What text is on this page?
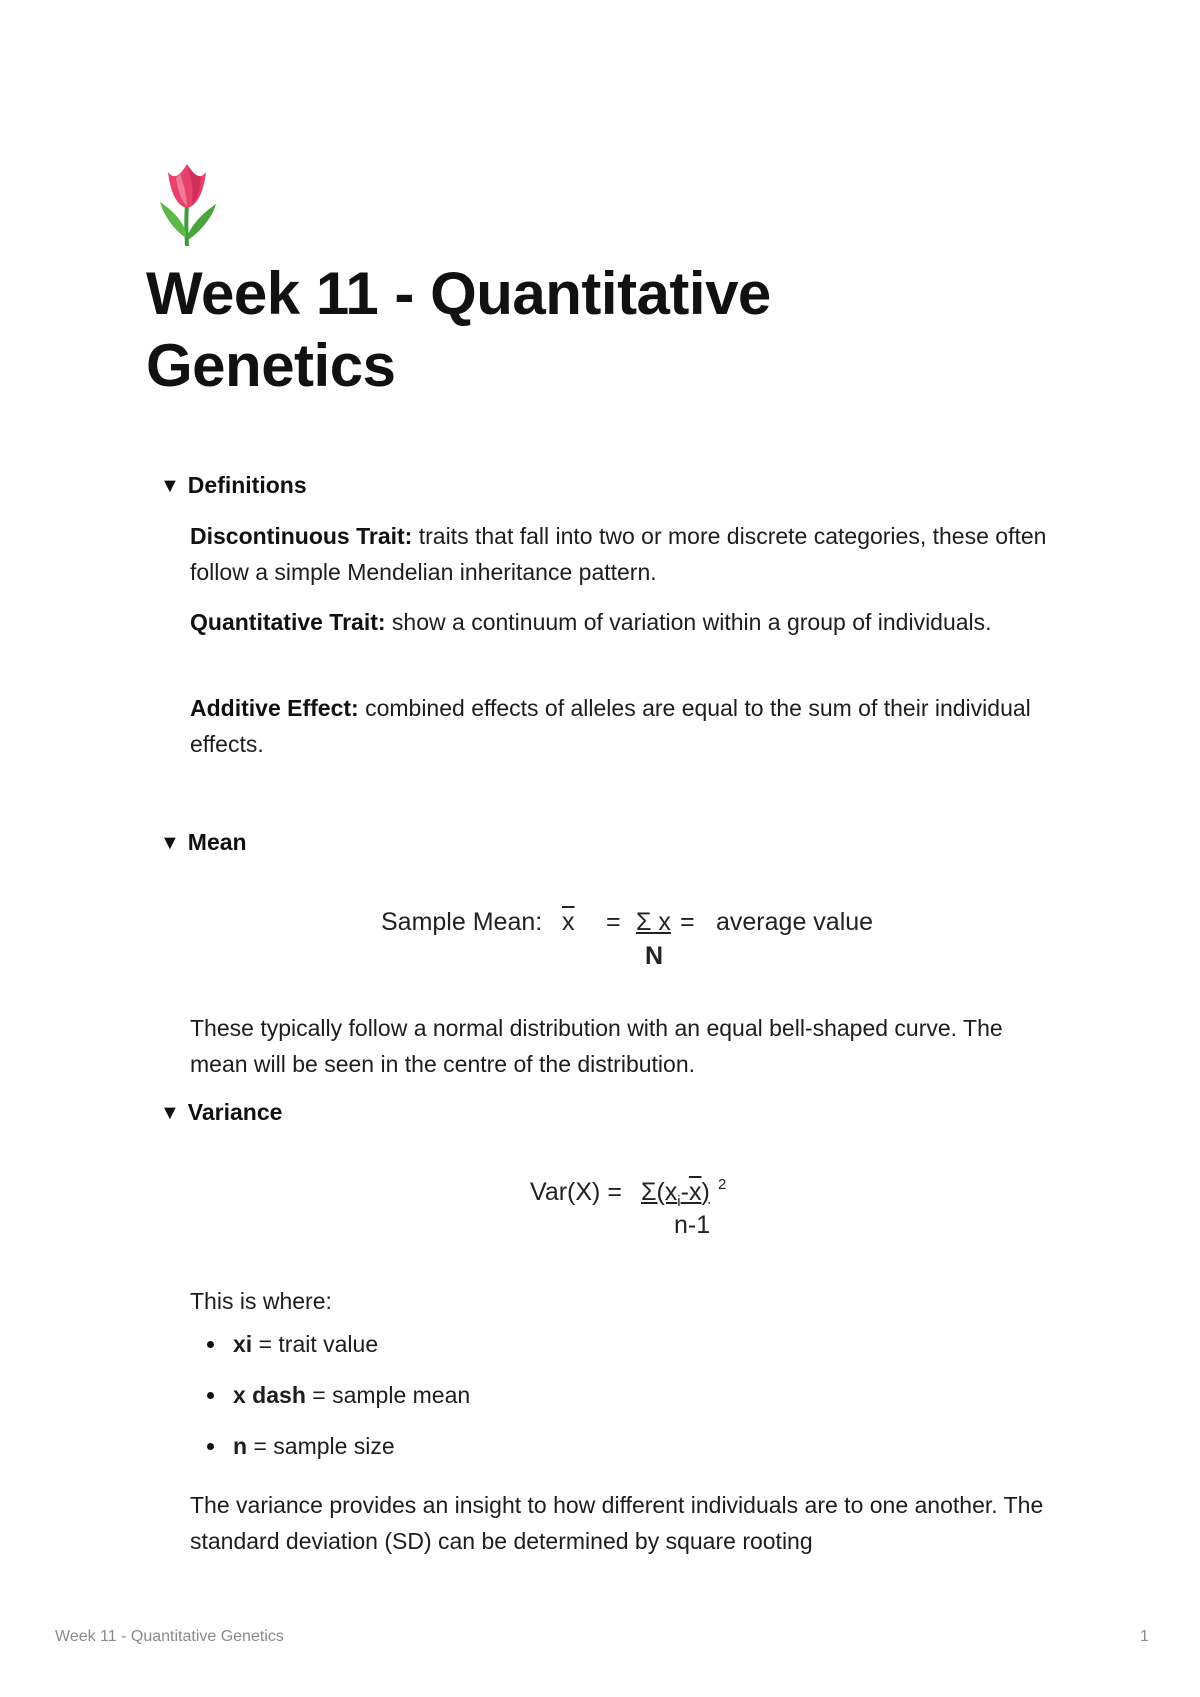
Week 11 - Quantitative Genetics
▼ Definitions

Discontinuous Trait: traits that fall into two or more discrete categories, these often follow a simple Mendelian inheritance pattern.

Quantitative Trait: show a continuum of variation within a group of individuals.

Additive Effect: combined effects of alleles are equal to the sum of their individual effects.

▼ Mean
Sample Mean: $\overline{x} = \Sigma$ x = average value
N

These typically follow a normal distribution with an equal bell-shaped curve. The mean will be seen in the centre of the distribution.

▼ Variance
$Var(X) = \Sigma(x_i-x)$ 2
n-1

This is where:

xi = trait value
x dash = sample mean
n = sample size

The variance provides an insight to how different individuals are to one another. The standard deviation (SD) can be determined by square rooting

Week 11 - Quantitative Genetics	1
